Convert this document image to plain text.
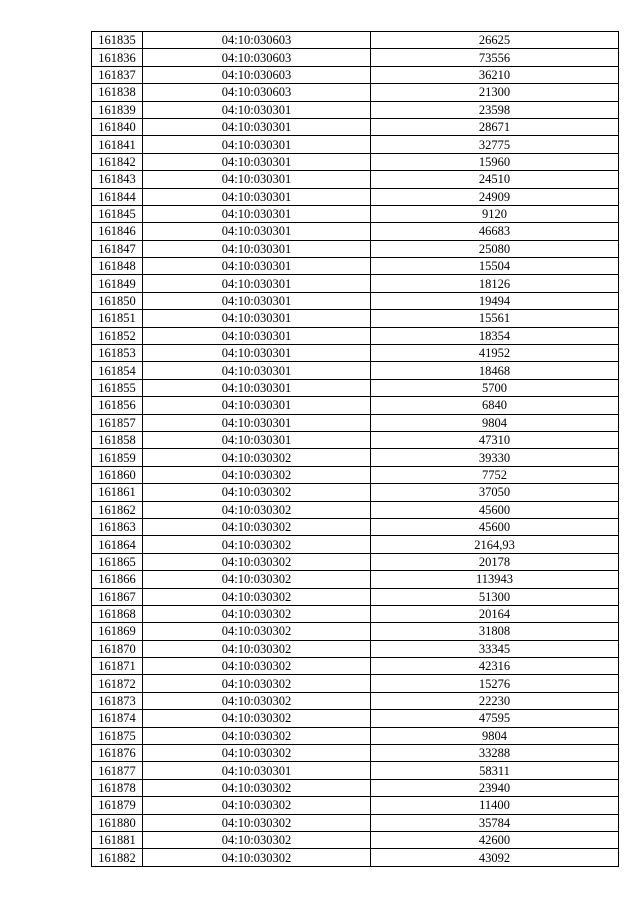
161835	04:10:030603	26625
161836	04:10:030603	73556
161837	04:10:030603	36210
161838	04:10:030603	21300
161839	04:10:030301	23598
161840	04:10:030301	28671
161841	04:10:030301	32775
161842	04:10:030301	15960
161843	04:10:030301	24510
161844	04:10:030301	24909
161845	04:10:030301	9120
161846	04:10:030301	46683
161847	04:10:030301	25080
161848	04:10:030301	15504
161849	04:10:030301	18126
161850	04:10:030301	19494
161851	04:10:030301	15561
161852	04:10:030301	18354
161853	04:10:030301	41952
161854	04:10:030301	18468
161855	04:10:030301	5700
161856	04:10:030301	6840
161857	04:10:030301	9804
161858	04:10:030301	47310
161859	04:10:030302	39330
161860	04:10:030302	7752
161861	04:10:030302	37050
161862	04:10:030302	45600
161863	04:10:030302	45600
161864	04:10:030302	2164,93
161865	04:10:030302	20178
161866	04:10:030302	113943
161867	04:10:030302	51300
161868	04:10:030302	20164
161869	04:10:030302	31808
161870	04:10:030302	33345
161871	04:10:030302	42316
161872	04:10:030302	15276
161873	04:10:030302	22230
161874	04:10:030302	47595
161875	04:10:030302	9804
161876	04:10:030302	33288
161877	04:10:030301	58311
161878	04:10:030302	23940
161879	04:10:030302	11400
161880	04:10:030302	35784
161881	04:10:030302	42600
161882	04:10:030302	43092
